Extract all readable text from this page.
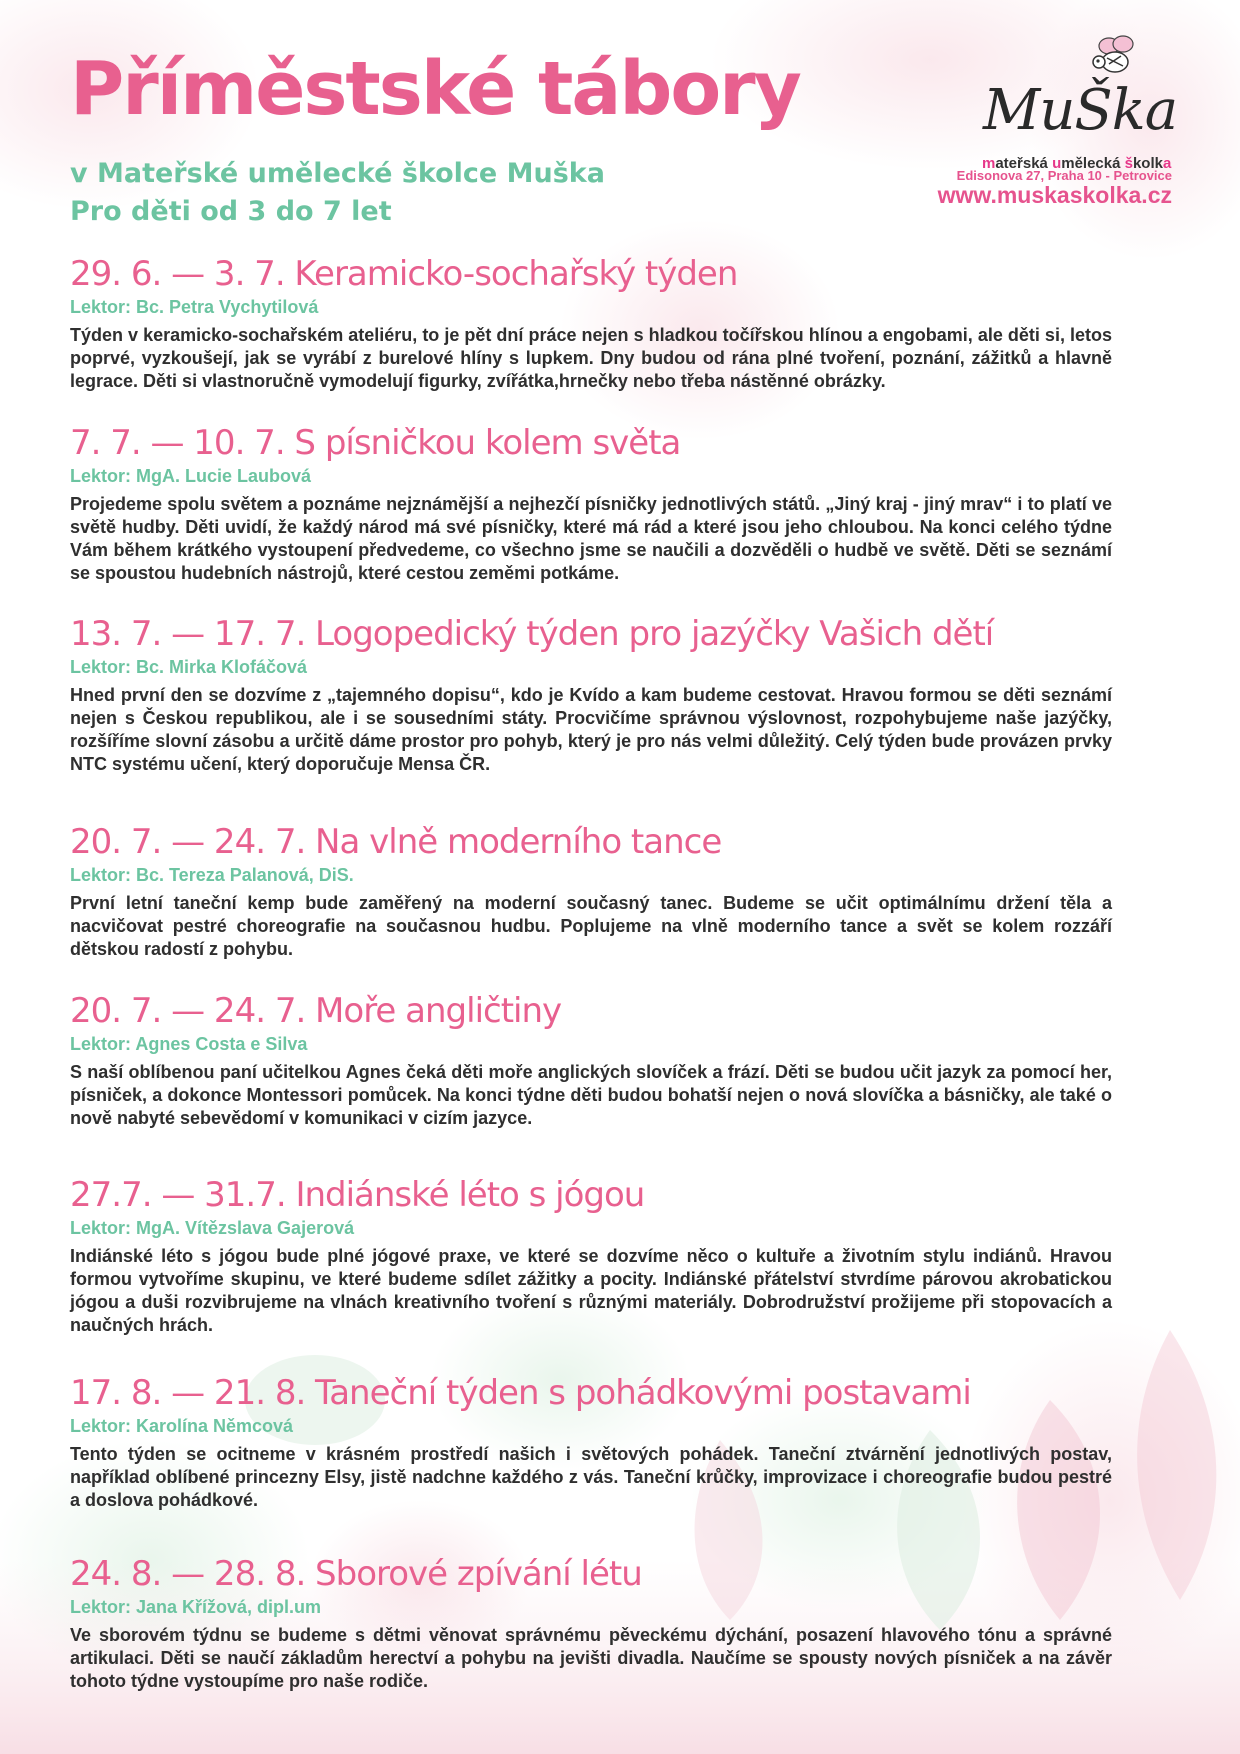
Příměstské tábory

v Mateřské umělecké školce Muška

Pro děti od 3 do 7 let

MuŠka
mateřská umělecká školka
Edisonova 27, Praha 10 - Petrovice
www.muskaskolka.cz
29. 6. — 3. 7. Keramicko-sochařský týden
Lektor: Bc. Petra Vychytilová

Týden v keramicko-sochařském ateliéru, to je pět dní práce nejen s hladkou točířskou hlínou a engobami, ale děti si, letos poprvé, vyzkoušejí, jak se vyrábí z burelové hlíny s lupkem. Dny budou od rána plné tvoření, poznání, zážitků a hlavně legrace. Děti si vlastnoručně vymodelují figurky, zvířátka,hrnečky nebo třeba nástěnné obrázky.

7. 7. — 10. 7. S písničkou kolem světa
Lektor: MgA. Lucie Laubová

Projedeme spolu světem a poznáme nejznámější a nejhezčí písničky jednotlivých států. „Jiný kraj - jiný mrav“ i to platí ve světě hudby. Děti uvidí, že každý národ má své písničky, které má rád a které jsou jeho chloubou. Na konci celého týdne Vám během krátkého vystoupení předvedeme, co všechno jsme se naučili a dozvěděli o hudbě ve světě. Děti se seznámí se spoustou hudebních nástrojů, které cestou zeměmi potkáme.

13. 7. — 17. 7. Logopedický týden pro jazýčky Vašich dětí
Lektor: Bc. Mirka Klofáčová

Hned první den se dozvíme z „tajemného dopisu“, kdo je Kvído a kam budeme cestovat. Hravou formou se děti seznámí nejen s Českou republikou, ale i se sousedními státy. Procvičíme správnou výslovnost, rozpohybujeme naše jazýčky, rozšíříme slovní zásobu a určitě dáme prostor pro pohyb, který je pro nás velmi důležitý. Celý týden bude provázen prvky NTC systému učení, který doporučuje Mensa ČR.

20. 7. — 24. 7. Na vlně moderního tance
Lektor: Bc. Tereza Palanová, DiS.

První letní taneční kemp bude zaměřený na moderní současný tanec. Budeme se učit optimálnímu držení těla a nacvičovat pestré choreografie na současnou hudbu. Poplujeme na vlně moderního tance a svět se kolem rozzáří dětskou radostí z pohybu.

20. 7. — 24. 7. Moře angličtiny
Lektor: Agnes Costa e Silva

S naší oblíbenou paní učitelkou Agnes čeká děti moře anglických slovíček a frází. Děti se budou učit jazyk za pomocí her, písniček, a dokonce Montessori pomůcek. Na konci týdne děti budou bohatší nejen o nová slovíčka a básničky, ale také o nově nabyté sebevědomí v komunikaci v cizím jazyce.

27.7. — 31.7. Indiánské léto s jógou
Lektor: MgA. Vítězslava Gajerová

Indiánské léto s jógou bude plné jógové praxe, ve které se dozvíme něco o kultuře a životním stylu indiánů. Hravou formou vytvoříme skupinu, ve které budeme sdílet zážitky a pocity. Indiánské přátelství stvrdíme párovou akrobatickou jógou a duši rozvibrujeme na vlnách kreativního tvoření s různými materiály. Dobrodružství prožijeme při stopovacích a naučných hrách.

17. 8. — 21. 8. Taneční týden s pohádkovými postavami
Lektor: Karolína Němcová

Tento týden se ocitneme v krásném prostředí našich i světových pohádek. Taneční ztvárnění jednotlivých postav, například oblíbené princezny Elsy, jistě nadchne každého z vás. Taneční krůčky, improvizace i choreografie budou pestré a doslova pohádkové.

24. 8. — 28. 8. Sborové zpívání létu
Lektor: Jana Křížová, dipl.um

Ve sborovém týdnu se budeme s dětmi věnovat správnému pěveckému dýchání, posazení hlavového tónu a správné artikulaci. Děti se naučí základům herectví a pohybu na jevišti divadla. Naučíme se spousty nových písniček a na závěr tohoto týdne vystoupíme pro naše rodiče.
